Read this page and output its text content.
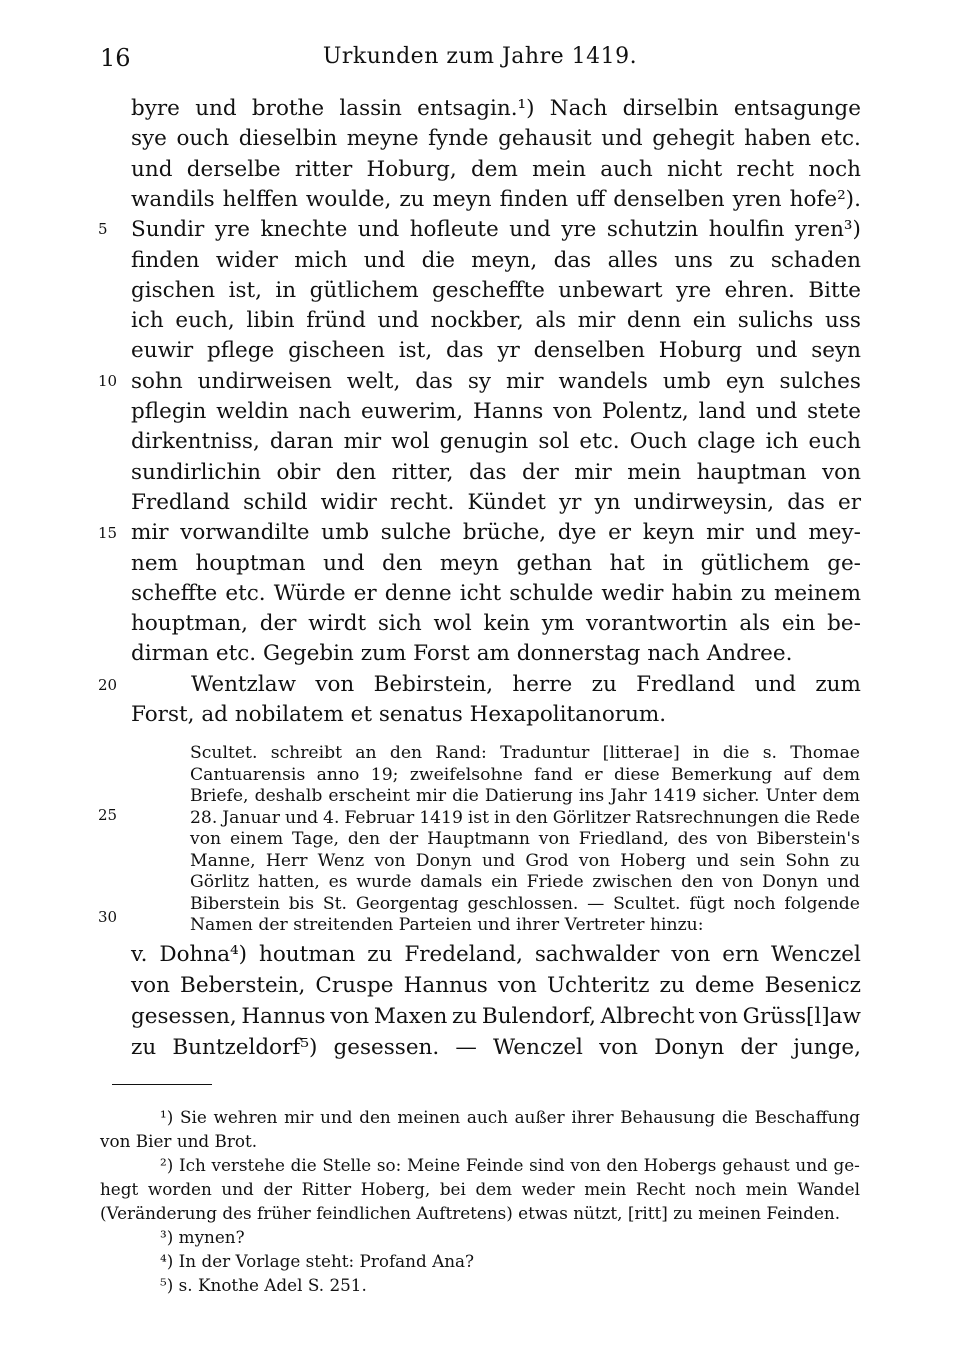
16	Urkunden zum Jahre 1419.
5
10
15
20
25
30
byre und brothe lassin entsagin.¹) Nach dirselbin entsagunge
sye ouch dieselbin meyne fynde gehausit und gehegit haben etc.
und derselbe ritter Hoburg, dem mein auch nicht recht noch
wandils helffen woulde, zu meyn finden uff denselben yren hofe²).
Sundir yre knechte und hofleute und yre schutzin houlfin yren³)
finden wider mich und die meyn, das alles uns zu schaden
gischen ist, in gütlichem gescheffte unbewart yre ehren. Bitte
ich euch, libin fründ und nockber, als mir denn ein sulichs uss
euwir pflege gischeen ist, das yr denselben Hoburg und seyn
sohn undirweisen welt, das sy mir wandels umb eyn sulches
pflegin weldin nach euwerim, Hanns von Polentz, land und stete
dirkentniss, daran mir wol genugin sol etc. Ouch clage ich euch
sundirlichin obir den ritter, das der mir mein hauptman von
Fredland schild widir recht. Kündet yr yn undirweysin, das er
mir vorwandilte umb sulche brüche, dye er keyn mir und mey-
nem houptman und den meyn gethan hat in gütlichem ge-
scheffte etc. Würde er denne icht schulde wedir habin zu meinem
houptman, der wirdt sich wol kein ym vorantwortin als ein be-
dirman etc. Gegebin zum Forst am donnerstag nach Andree.
Wentzlaw von Bebirstein, herre zu Fredland und zum
Forst, ad nobilatem et senatus Hexapolitanorum.
Scultet. schreibt an den Rand: Traduntur [litterae] in die s. Thomae
Cantuarensis anno 19; zweifelsohne fand er diese Bemerkung auf dem
Briefe, deshalb erscheint mir die Datierung ins Jahr 1419 sicher. Unter dem
28. Januar und 4. Februar 1419 ist in den Görlitzer Ratsrechnungen die Rede
von einem Tage, den der Hauptmann von Friedland, des von Biberstein's
Manne, Herr Wenz von Donyn und Grod von Hoberg und sein Sohn zu
Görlitz hatten, es wurde damals ein Friede zwischen den von Donyn und
Biberstein bis St. Georgentag geschlossen. — Scultet. fügt noch folgende
Namen der streitenden Parteien und ihrer Vertreter hinzu:
v. Dohna⁴) houtman zu Fredeland, sachwalder von ern Wenczel
von Beberstein, Cruspe Hannus von Uchteritz zu deme Besenicz
gesessen, Hannus von Maxen zu Bulendorf, Albrecht von Grüss[l]aw
zu Buntzeldorf⁵) gesessen. — Wenczel von Donyn der junge,
¹) Sie wehren mir und den meinen auch außer ihrer Behausung die Beschaffung
von Bier und Brot.
²) Ich verstehe die Stelle so: Meine Feinde sind von den Hobergs gehaust und ge-
hegt worden und der Ritter Hoberg, bei dem weder mein Recht noch mein Wandel
(Veränderung des früher feindlichen Auftretens) etwas nützt, [ritt] zu meinen Feinden.
³) mynen?
⁴) In der Vorlage steht: Profand Ana?
⁵) s. Knothe Adel S. 251.
